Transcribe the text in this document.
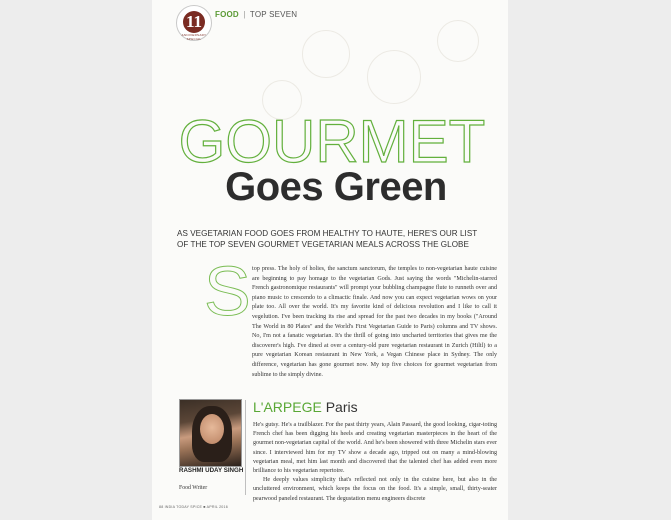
11
ANNIVERSARY SPECIAL
FOOD | TOP SEVEN
GOURMET
Goes Green
AS VEGETARIAN FOOD GOES FROM HEALTHY TO HAUTE, HERE'S OUR LIST OF THE TOP SEVEN GOURMET VEGETARIAN MEALS ACROSS THE GLOBE
S top press. The holy of holies, the sanctum sanctorum, the temples to non-vegetarian haute cuisine are beginning to pay homage to the vegetarian Gods. Just saying the words "Michelin-starred French gastronomique restaurants" will prompt your bubbling champagne flute to runneth over and piano music to crescendo to a climactic finale. And now you can expect vegetarian wows on your plate too. All over the world. It's my favorite kind of delicious revolution and I like to call it vegelution. I've been tracking its rise and spread for the past two decades in my books ("Around The World in 80 Plates" and the World's First Vegetarian Guide to Paris) columns and TV shows. No, I'm not a fanatic vegetarian. It's the thrill of going into uncharted territories that gives me the discoverer's high. I've dined at over a century-old pure vegetarian restaurant in Zurich (Hiltl) to a pure vegetarian Korean restaurant in New York, a Vegan Chinese place in Sydney. The only difference, vegetarian has gone gourmet now. My top five choices for gourmet vegetarian from sublime to the simply divine.
RASHMI UDAY SINGH
Food Writer
L'ARPEGE Paris
He's gutsy. He's a trailblazer. For the past thirty years, Alain Passard, the good looking, cigar-toting French chef has been digging his heels and creating vegetarian masterpieces in the heart of the gourmet non-vegetarian capital of the world. And he's been showered with three Michelin stars ever since. I interviewed him for my TV show a decade ago, tripped out on many a mind-blowing vegetarian meal, met him last month and discovered that the talented chef has added even more brilliance to his vegetarian repertoire.
He deeply values simplicity that's reflected not only in the cuisine here, but also in the uncluttered environment, which keeps the focus on the food. It's a simple, small, thirty-seater pearwood paneled restaurant. The degustation menu engineers discrete
88 INDIA TODAY SPICE ■ APRIL 2016
